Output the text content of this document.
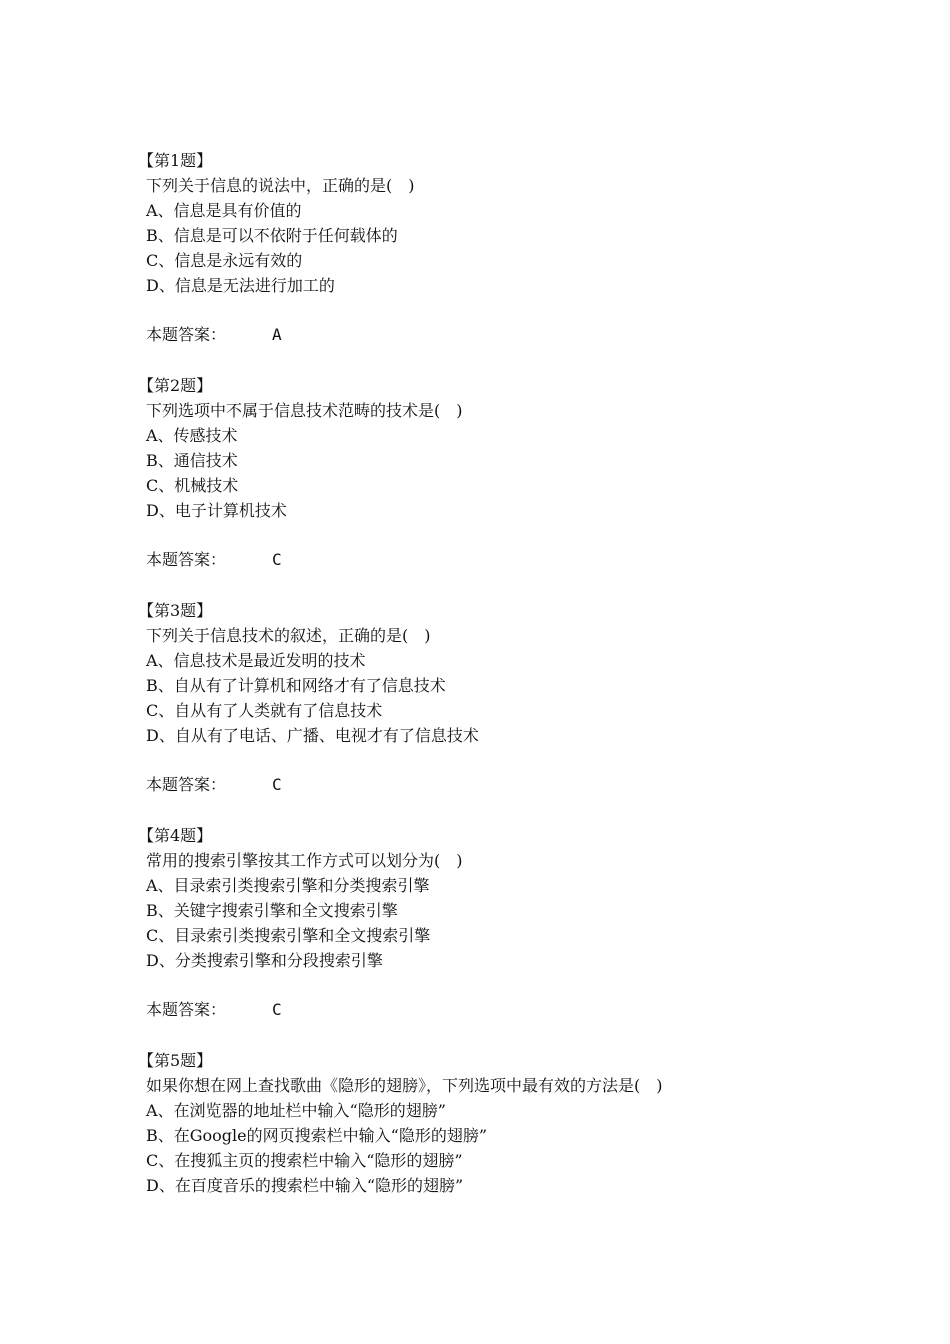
【第1题】
下列关于信息的说法中，正确的是(　)
A、信息是具有价值的
B、信息是可以不依附于任何载体的
C、信息是永远有效的
D、信息是无法进行加工的
本题答案：	A
【第2题】
下列选项中不属于信息技术范畴的技术是(　)
A、传感技术
B、通信技术
C、机械技术
D、电子计算机技术
本题答案：	C
【第3题】
下列关于信息技术的叙述，正确的是(　)
A、信息技术是最近发明的技术
B、自从有了计算机和网络才有了信息技术
C、自从有了人类就有了信息技术
D、自从有了电话、广播、电视才有了信息技术
本题答案：	C
【第4题】
常用的搜索引擎按其工作方式可以划分为(　)
A、目录索引类搜索引擎和分类搜索引擎
B、关键字搜索引擎和全文搜索引擎
C、目录索引类搜索引擎和全文搜索引擎
D、分类搜索引擎和分段搜索引擎
本题答案：	C
【第5题】
如果你想在网上查找歌曲《隐形的翅膀》，下列选项中最有效的方法是(　)
A、在浏览器的地址栏中输入“隐形的翅膀”
B、在Google的网页搜索栏中输入“隐形的翅膀”
C、在搜狐主页的搜索栏中输入“隐形的翅膀”
D、在百度音乐的搜索栏中输入“隐形的翅膀”
